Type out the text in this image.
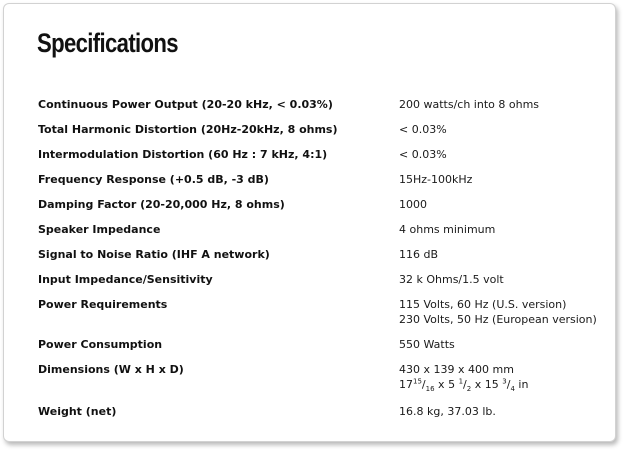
Specifications
Continuous Power Output (20-20 kHz, < 0.03%)	200 watts/ch into 8 ohms
Total Harmonic Distortion (20Hz-20kHz, 8 ohms)	< 0.03%
Intermodulation Distortion (60 Hz : 7 kHz, 4:1)	< 0.03%
Frequency Response (+0.5 dB, -3 dB)	15Hz-100kHz
Damping Factor (20-20,000 Hz, 8 ohms)	1000
Speaker Impedance	4 ohms minimum
Signal to Noise Ratio (IHF A network)	116 dB
Input Impedance/Sensitivity	32 k Ohms/1.5 volt
Power Requirements	115 Volts, 60 Hz (U.S. version)
230 Volts, 50 Hz (European version)
Power Consumption	550 Watts
Dimensions (W x H x D)	430 x 139 x 400 mm
$17^{15}/_{16}$ x 5 $^1/_2$ x 15 $^3/_4$ in
Weight (net)	16.8 kg, 37.03 lb.
